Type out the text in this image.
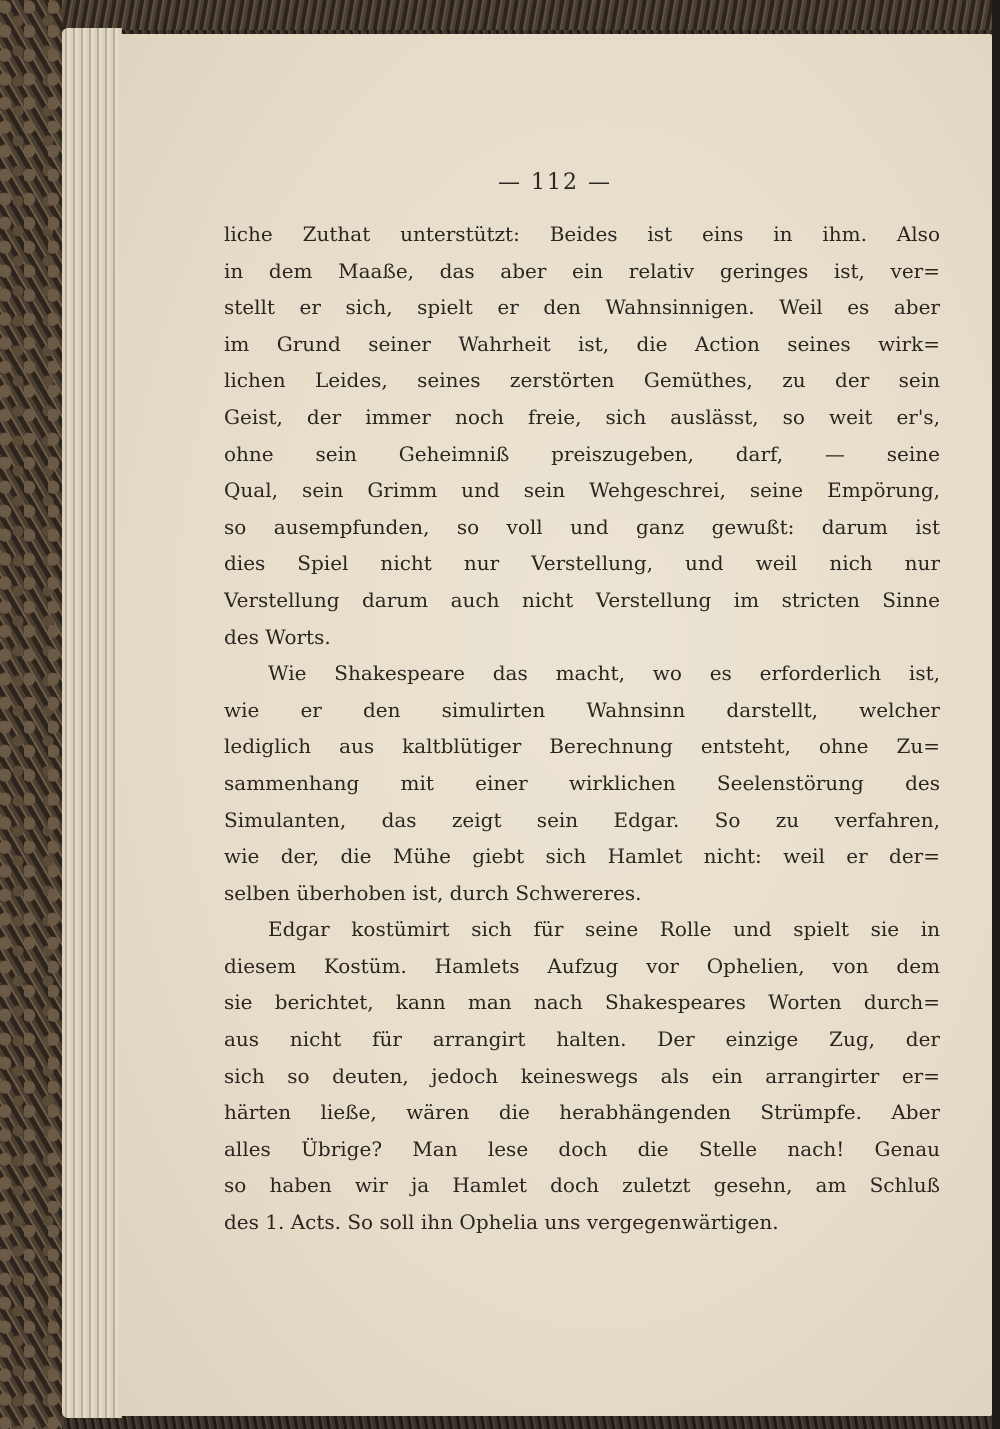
— 112 —
liche Zuthat unterstützt: Beides ist eins in ihm. Also
in dem Maaße, das aber ein relativ geringes ist, ver=
stellt er sich, spielt er den Wahnsinnigen. Weil es aber
im Grund seiner Wahrheit ist, die Action seines wirk=
lichen Leides, seines zerstörten Gemüthes, zu der sein
Geist, der immer noch freie, sich auslässt, so weit er's,
ohne sein Geheimniß preiszugeben, darf, — seine
Qual, sein Grimm und sein Wehgeschrei, seine Empörung,
so ausempfunden, so voll und ganz gewußt: darum ist
dies Spiel nicht nur Verstellung, und weil nich nur
Verstellung darum auch nicht Verstellung im stricten Sinne
des Worts.
Wie Shakespeare das macht, wo es erforderlich ist,
wie er den simulirten Wahnsinn darstellt, welcher
lediglich aus kaltblütiger Berechnung entsteht, ohne Zu=
sammenhang mit einer wirklichen Seelenstörung des
Simulanten, das zeigt sein Edgar. So zu verfahren,
wie der, die Mühe giebt sich Hamlet nicht: weil er der=
selben überhoben ist, durch Schwereres.
Edgar kostümirt sich für seine Rolle und spielt sie in
diesem Kostüm. Hamlets Aufzug vor Ophelien, von dem
sie berichtet, kann man nach Shakespeares Worten durch=
aus nicht für arrangirt halten. Der einzige Zug, der
sich so deuten, jedoch keineswegs als ein arrangirter er=
härten ließe, wären die herabhängenden Strümpfe. Aber
alles Übrige? Man lese doch die Stelle nach! Genau
so haben wir ja Hamlet doch zuletzt gesehn, am Schluß
des 1. Acts. So soll ihn Ophelia uns vergegenwärtigen.
